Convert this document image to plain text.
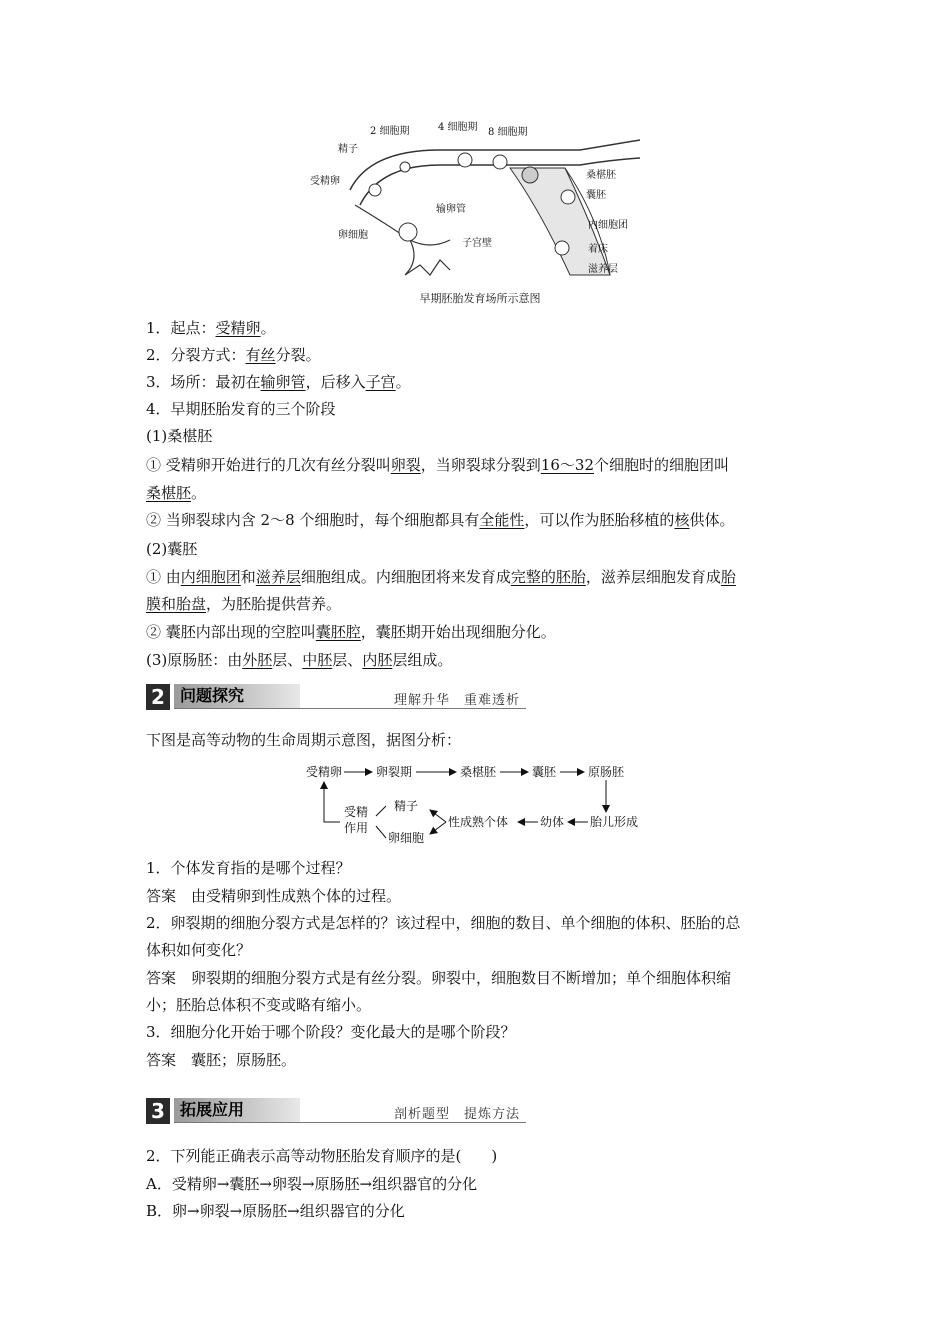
2 细胞期	4 细胞期 8 细胞期
精子
受精卵
输卵管
卵细胞
子宫壁
桑椹胚
囊胚
内细胞团
着床
滋养层
早期胚胎发育场所示意图
1．起点：受精卵。
2．分裂方式：有丝分裂。
3．场所：最初在输卵管，后移入子宫。
4．早期胚胎发育的三个阶段
(1)桑椹胚
① 受精卵开始进行的几次有丝分裂叫卵裂，当卵裂球分裂到16～32个细胞时的细胞团叫
桑椹胚。
② 当卵裂球内含 2～8 个细胞时，每个细胞都具有全能性，可以作为胚胎移植的核供体。
(2)囊胚
① 由内细胞团和滋养层细胞组成。内细胞团将来发育成完整的胚胎，滋养层细胞发育成胎
膜和胎盘，为胚胎提供营养。
② 囊胚内部出现的空腔叫囊胚腔，囊胚期开始出现细胞分化。
(3)原肠胚：由外胚层、中胚层、内胚层组成。
2 问题探究	理解升华　重难透析
下图是高等动物的生命周期示意图，据图分析：
受精卵	卵裂期	桑椹胚	囊胚	原肠胚
胎儿形成
幼体
性成熟个体
精子
卵细胞
受精
作用
1．个体发育指的是哪个过程？
答案　由受精卵到性成熟个体的过程。
2．卵裂期的细胞分裂方式是怎样的？该过程中，细胞的数目、单个细胞的体积、胚胎的总
体积如何变化？
答案　卵裂期的细胞分裂方式是有丝分裂。卵裂中，细胞数目不断增加；单个细胞体积缩
小；胚胎总体积不变或略有缩小。
3．细胞分化开始于哪个阶段？变化最大的是哪个阶段？
答案　囊胚；原肠胚。
3 拓展应用	剖析题型　提炼方法
2．下列能正确表示高等动物胚胎发育顺序的是(　　)
A．受精卵→囊胚→卵裂→原肠胚→组织器官的分化
B．卵→卵裂→原肠胚→组织器官的分化
